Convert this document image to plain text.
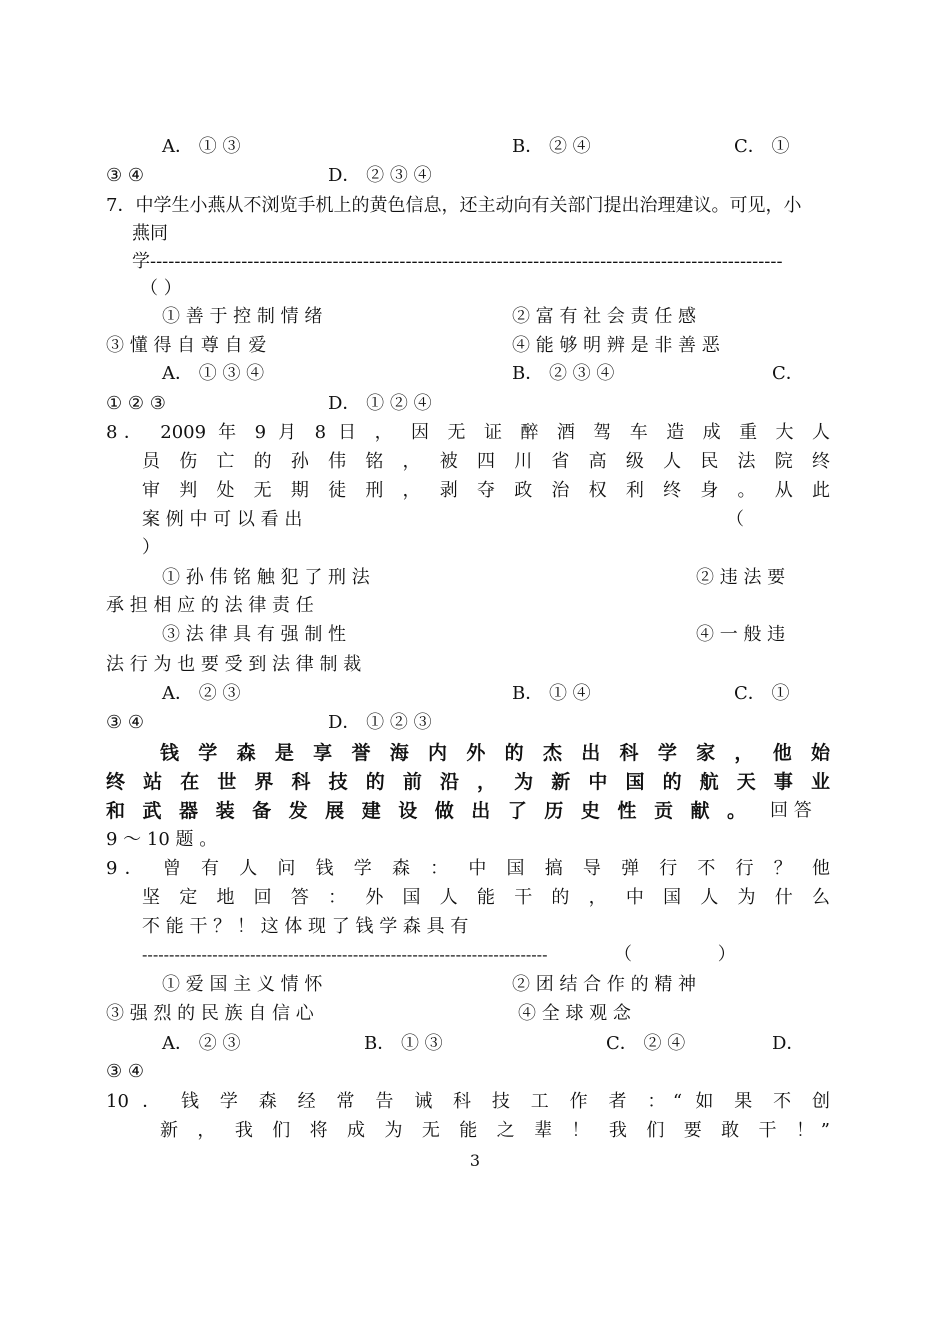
A． ① ③	B． ② ④	C． ①
③ ④	D． ② ③ ④
7．中学生小燕从不浏览手机上的黄色信息，还主动向有关部门提出治理建议。可见，小
燕同
学--------------------------------------------------------------------------------------------------------
（ ）
① 善 于 控 制 情 绪	② 富 有 社 会 责 任 感
③ 懂 得 自 尊 自 爱	④ 能 够 明 辨 是 非 善 恶
A． ① ③ ④	B． ② ③ ④	C．
① ② ③	D． ① ② ④
8． 2009 年 9 月 8 日 ， 因 无 证 醉 酒 驾 车 造 成 重 大 人
员 伤 亡 的 孙 伟 铭 ， 被 四 川 省 高 级 人 民 法 院 终
审 判 处 无 期 徒 刑 ， 剥 夺 政 治 权 利 终 身 。 从 此
案 例 中 可 以 看 出	（
）
① 孙 伟 铭 触 犯 了 刑 法	② 违 法 要
承 担 相 应 的 法 律 责 任
③ 法 律 具 有 强 制 性	④ 一 般 违
法 行 为 也 要 受 到 法 律 制 裁
A． ② ③	B． ① ④	C． ①
③ ④	D． ① ② ③
钱 学 森 是 享 誉 海 内 外 的 杰 出 科 学 家 ， 他 始
终 站 在 世 界 科 技 的 前 沿 ， 为 新 中 国 的 航 天 事 业
和 武 器 装 备 发 展 建 设 做 出 了 历 史 性 贡 献 。 回 答
9 ～ 10 题 。
9． 曾 有 人 问 钱 学 森 ： 中 国 搞 导 弹 行 不 行 ？ 他
坚 定 地 回 答 ： 外 国 人 能 干 的 ， 中 国 人 为 什 么
不 能 干 ？ ！ 这 体 现 了 钱 学 森 具 有
---------------------------------------------------------------------------	（ ）
① 爱 国 主 义 情 怀	② 团 结 合 作 的 精 神
③ 强 烈 的 民 族 自 信 心	④ 全 球 观 念
A． ② ③	B． ① ③	C． ② ④	D．
③ ④
10 ． 钱 学 森 经 常 告 诫 科 技 工 作 者 ：“ 如 果 不 创
新 ， 我 们 将 成 为 无 能 之 辈 ！ 我 们 要 敢 干 ！”
3
